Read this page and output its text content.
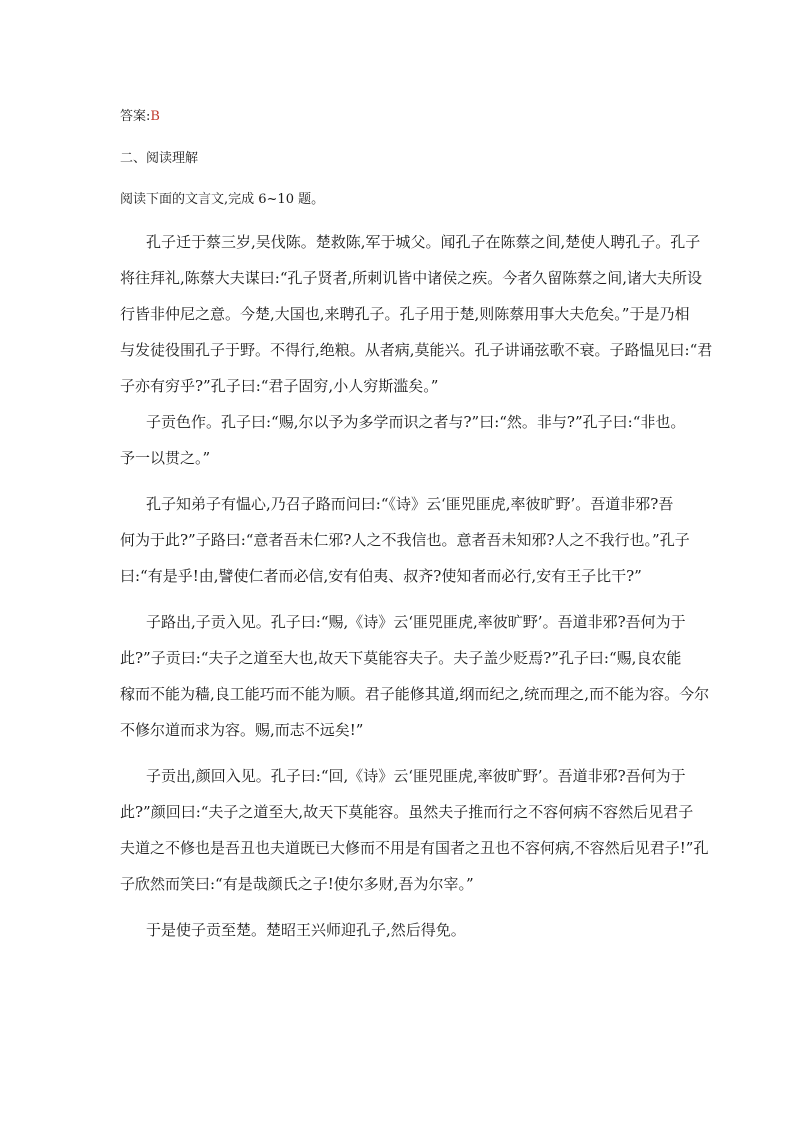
答案:B
二、阅读理解
阅读下面的文言文,完成 6~10 题。
孔子迁于蔡三岁,吴伐陈。楚救陈,军于城父。闻孔子在陈蔡之间,楚使人聘孔子。孔子
将往拜礼,陈蔡大夫谋曰:“孔子贤者,所刺讥皆中诸侯之疾。今者久留陈蔡之间,诸大夫所设
行皆非仲尼之意。今楚,大国也,来聘孔子。孔子用于楚,则陈蔡用事大夫危矣。”于是乃相
与发徒役围孔子于野。不得行,绝粮。从者病,莫能兴。孔子讲诵弦歌不衰。子路愠见曰:“君
子亦有穷乎?”孔子曰:“君子固穷,小人穷斯滥矣。”
子贡色作。孔子曰:“赐,尔以予为多学而识之者与?”曰:“然。非与?”孔子曰:“非也。
予一以贯之。”
孔子知弟子有愠心,乃召子路而问曰:“《诗》云‘匪兕匪虎,率彼旷野’。吾道非邪?吾
何为于此?”子路曰:“意者吾未仁邪?人之不我信也。意者吾未知邪?人之不我行也。”孔子
曰:“有是乎!由,譬使仁者而必信,安有伯夷、叔齐?使知者而必行,安有王子比干?”
子路出,子贡入见。孔子曰:“赐,《诗》云‘匪兕匪虎,率彼旷野’。吾道非邪?吾何为于
此?”子贡曰:“夫子之道至大也,故天下莫能容夫子。夫子盖少贬焉?”孔子曰:“赐,良农能
稼而不能为穑,良工能巧而不能为顺。君子能修其道,纲而纪之,统而理之,而不能为容。今尔
不修尔道而求为容。赐,而志不远矣!”
子贡出,颜回入见。孔子曰:“回,《诗》云‘匪兕匪虎,率彼旷野’。吾道非邪?吾何为于
此?”颜回曰:“夫子之道至大,故天下莫能容。虽然夫子推而行之不容何病不容然后见君子
夫道之不修也是吾丑也夫道既已大修而不用是有国者之丑也不容何病,不容然后见君子!”孔
子欣然而笑曰:“有是哉颜氏之子!使尔多财,吾为尔宰。”
于是使子贡至楚。楚昭王兴师迎孔子,然后得免。
